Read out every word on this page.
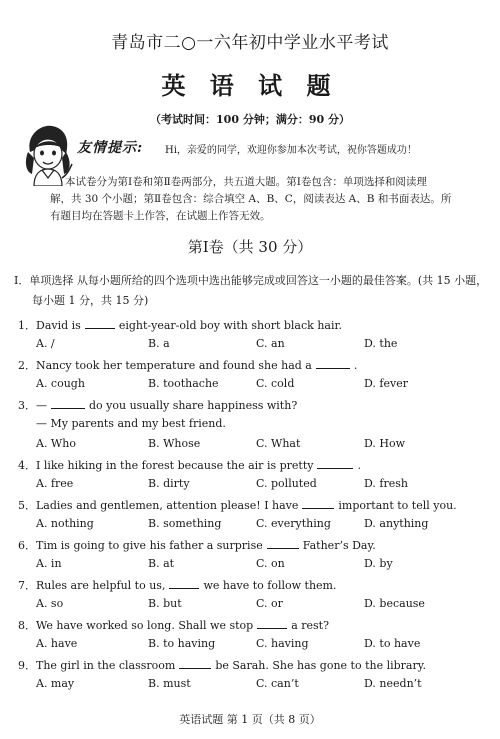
青岛市二○一六年初中学业水平考试
英 语 试 题
（考试时间：100 分钟；满分：90 分）
友情提示: Hi，亲爱的同学，欢迎你参加本次考试，祝你答题成功！
本试卷分为第Ⅰ卷和第Ⅱ卷两部分，共五道大题。第Ⅰ卷包含：单项选择和阅读理
解，共 30 个小题；第Ⅱ卷包含：综合填空 A、B、C，阅读表达 A、B 和书面表达。所
有题目均在答题卡上作答，在试题上作答无效。
第Ⅰ卷（共 30 分）
I．单项选择 从每小题所给的四个选项中选出能够完成或回答这一小题的最佳答案。(共 15 小题，
每小题 1 分，共 15 分)
1．David is	eight-year-old boy with short black hair.
A. /	B. a	C. an	D. the
2．Nancy took her temperature and found she had a	.
A. cough	B. toothache	C. cold	D. fever
3．—	do you usually share happiness with?
— My parents and my best friend.
A. Who	B. Whose	C. What	D. How
4．I like hiking in the forest because the air is pretty	.
A. free	B. dirty	C. polluted	D. fresh
5．Ladies and gentlemen, attention please! I have	important to tell you.
A. nothing	B. something	C. everything	D. anything
6．Tim is going to give his father a surprise	Father’s Day.
A. in	B. at	C. on	D. by
7．Rules are helpful to us,	we have to follow them.
A. so	B. but	C. or	D. because
8．We have worked so long. Shall we stop	a rest?
A. have	B. to having	C. having	D. to have
9．The girl in the classroom	be Sarah. She has gone to the library.
A. may	B. must	C. can’t	D. needn’t
英语试题 第 1 页（共 8 页）
